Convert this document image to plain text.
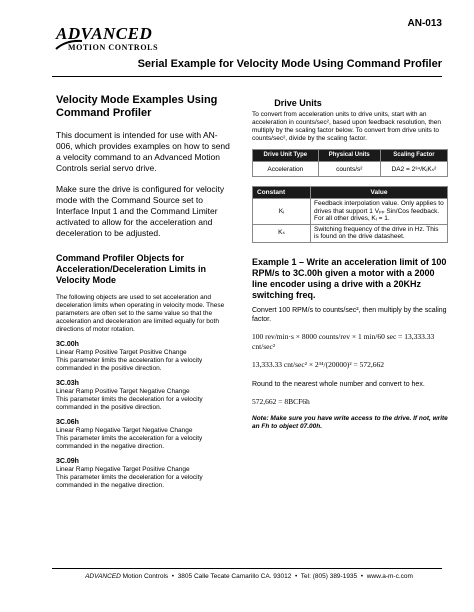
AN-013
ADVANCED
MOTION CONTROLS
Serial Example for Velocity Mode Using Command Profiler
Velocity Mode Examples Using Command Profiler
This document is intended for use with AN-006, which provides examples on how to send a velocity command to an Advanced Motion Controls serial servo drive.
Make sure the drive is configured for velocity mode with the Command Source set to Interface Input 1 and the Command Limiter activated to allow for the acceleration and deceleration to be adjusted.
Command Profiler Objects for Acceleration/Deceleration Limits in Velocity Mode
The following objects are used to set acceleration and deceleration limits when operating in velocity mode. These parameters are often set to the same value so that the acceleration and deceleration are limited equally for both directions of motor rotation.
3C.00h
Linear Ramp Positive Target Positive Change
This parameter limits the acceleration for a velocity commanded in the positive direction.
3C.03h
Linear Ramp Positive Target Negative Change
This parameter limits the deceleration for a velocity commanded in the positive direction.
3C.06h
Linear Ramp Negative Target Negative Change
This parameter limits the acceleration for a velocity commanded in the negative direction.
3C.09h
Linear Ramp Negative Target Positive Change
This parameter limits the deceleration for a velocity commanded in the negative direction.
Drive Units
To convert from acceleration units to drive units, start with an acceleration in counts/sec², based upon feedback resolution, then multiply by the scaling factor below. To convert from drive units to counts/sec², divide by the scaling factor.
Drive Unit Type	Physical Units	Scaling Factor
Acceleration	counts/s²	DA2 = 2³⁴/KᵢKₛ²
Constant	Value
Kᵢ	Feedback interpolation value. Only applies to drives that support 1 Vₚₚ Sin/Cos feedback. For all other drives, Kᵢ = 1.
Kₛ	Switching frequency of the drive in Hz. This is found on the drive datasheet.
Example 1 – Write an acceleration limit of 100 RPM/s to 3C.00h given a motor with a 2000 line encoder using a drive with a 20KHz switching freq.
Convert 100 RPM/s to counts/sec², then multiply by the scaling factor.
100 rev/min·s × 8000 counts/rev × 1 min/60 sec = 13,333.33 cnt/sec²
13,333.33 cnt/sec² × 2³⁴/(20000)² = 572,662
Round to the nearest whole number and convert to hex.
572,662 = 8BCF6h
Note: Make sure you have write access to the drive. If not, write an Fh to object 07.00h.
ADVANCED Motion Controls  •  3805 Calle Tecate Camarillo CA. 93012  •  Tel: (805) 389-1935  •  www.a-m-c.com
